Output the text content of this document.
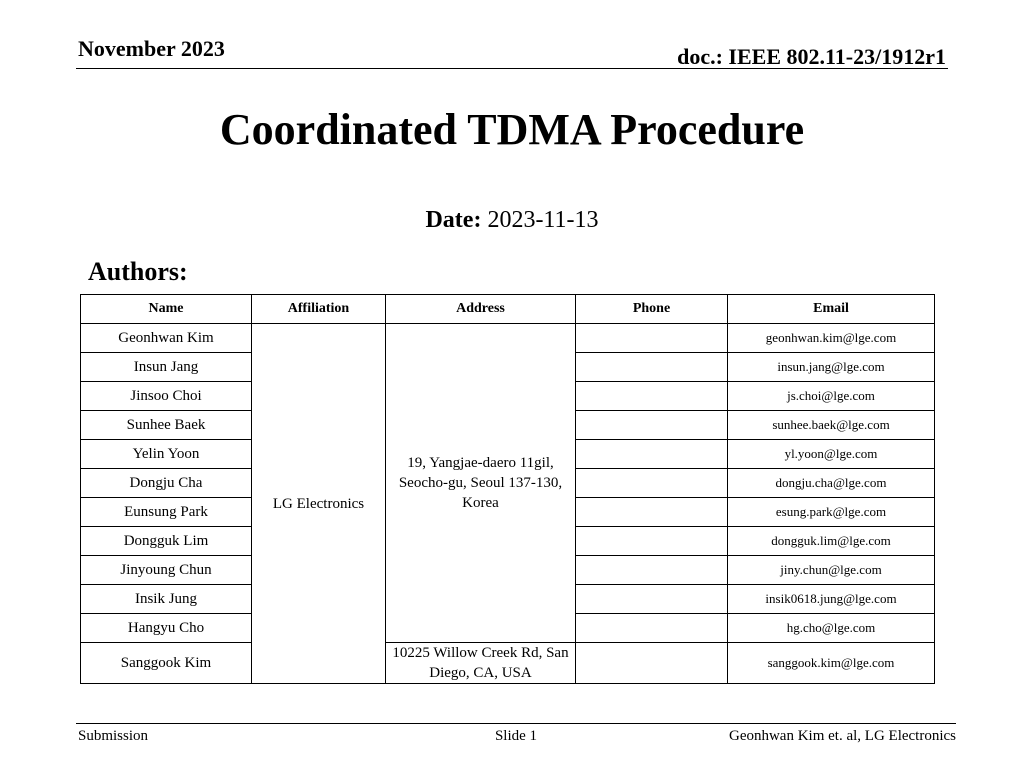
November 2023	doc.: IEEE 802.11-23/1912r1
Coordinated TDMA Procedure
Date: 2023-11-13
Authors:
Name	Affiliation	Address	Phone	Email
Geonhwan Kim	LG Electronics	19, Yangjae-daero 11gil, Seocho-gu, Seoul 137-130, Korea		geonhwan.kim@lge.com
Insun Jang				insun.jang@lge.com
Jinsoo Choi				js.choi@lge.com
Sunhee Baek				sunhee.baek@lge.com
Yelin Yoon				yl.yoon@lge.com
Dongju Cha				dongju.cha@lge.com
Eunsung Park				esung.park@lge.com
Dongguk Lim				dongguk.lim@lge.com
Jinyoung Chun				jiny.chun@lge.com
Insik Jung				insik0618.jung@lge.com
Hangyu Cho				hg.cho@lge.com
Sanggook Kim		10225 Willow Creek Rd, San Diego, CA, USA		sanggook.kim@lge.com
Submission	Slide 1	Geonhwan Kim et. al, LG Electronics
